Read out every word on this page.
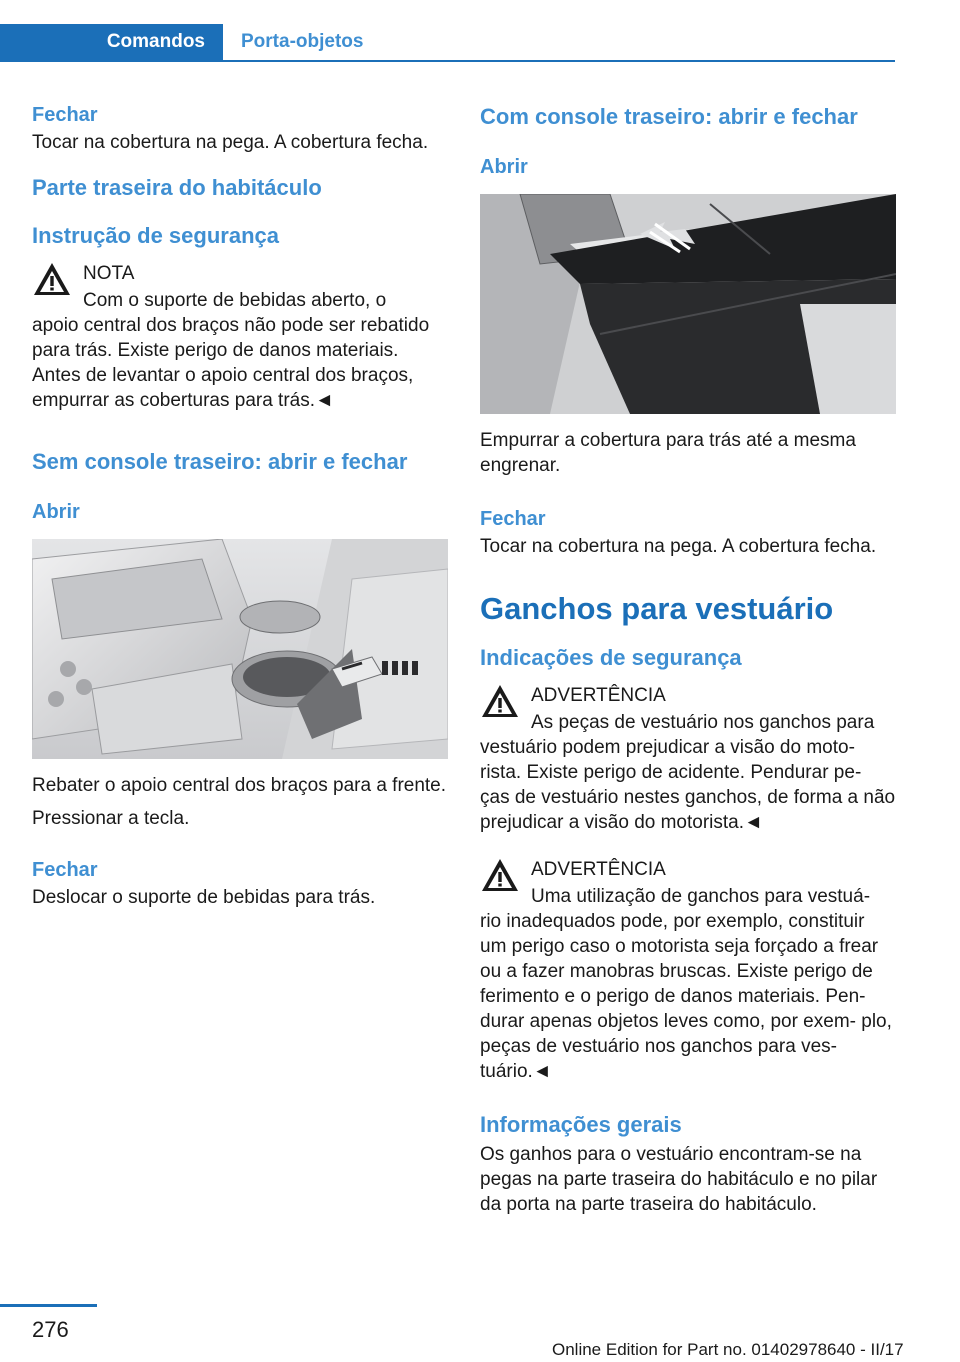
Comandos	Porta-objetos
Fechar

Tocar na cobertura na pega. A cobertura fecha.

Parte traseira do habitáculo
Instrução de segurança

NOTA

Com o suporte de bebidas aberto, o

apoio central dos braços não pode ser rebatido para trás. Existe perigo de danos materiais. Antes de levantar o apoio central dos braços, empurrar as coberturas para trás.◄

Sem console traseiro: abrir e fechar
Abrir

Rebater o apoio central dos braços para a frente.

Pressionar a tecla.

Fechar

Deslocar o suporte de bebidas para trás.

Com console traseiro: abrir e fechar
Abrir

Empurrar a cobertura para trás até a mesma engrenar.

Fechar

Tocar na cobertura na pega. A cobertura fecha.

Ganchos para vestuário
Indicações de segurança

ADVERTÊNCIA

As peças de vestuário nos ganchos para

vestuário podem prejudicar a visão do moto- rista. Existe perigo de acidente. Pendurar pe- ças de vestuário nestes ganchos, de forma a não prejudicar a visão do motorista.◄

ADVERTÊNCIA

Uma utilização de ganchos para vestuá-

rio inadequados pode, por exemplo, constituir um perigo caso o motorista seja forçado a frear ou a fazer manobras bruscas. Existe perigo de ferimento e o perigo de danos materiais. Pen- durar apenas objetos leves como, por exem- plo, peças de vestuário nos ganchos para ves- tuário.◄

Informações gerais

Os ganhos para o vestuário encontram-se na pegas na parte traseira do habitáculo e no pilar da porta na parte traseira do habitáculo.

276
Online Edition for Part no. 01402978640 - II/17
